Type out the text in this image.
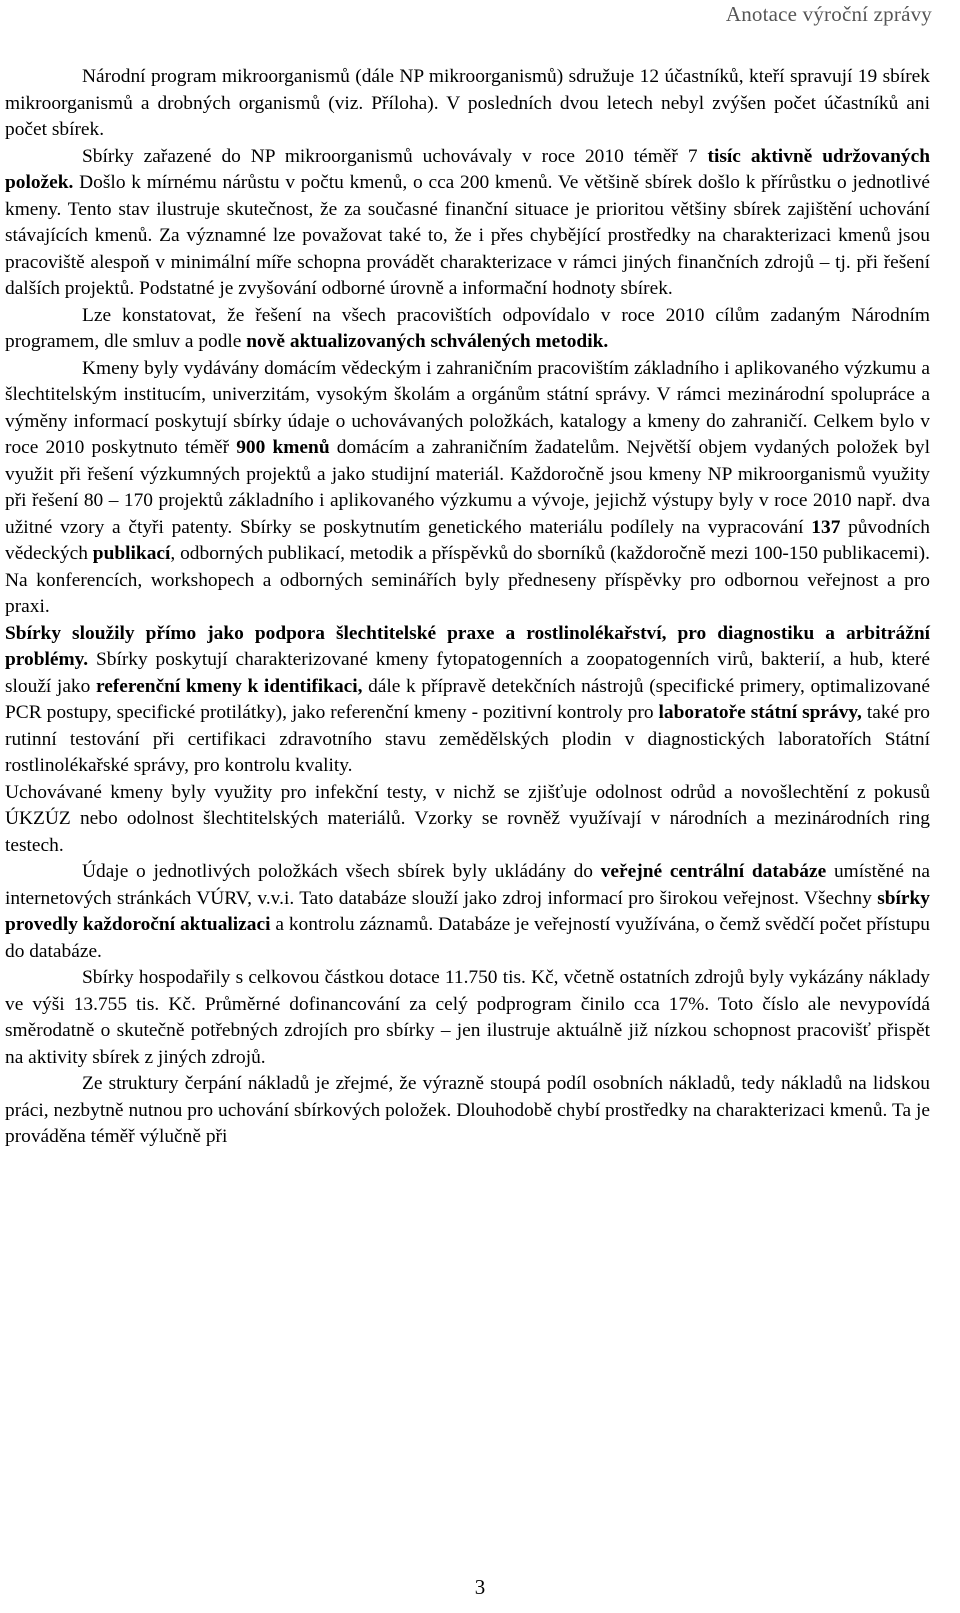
Anotace výroční zprávy

Národní program mikroorganismů (dále NP mikroorganismů) sdružuje 12 účastníků, kteří spravují 19 sbírek mikroorganismů a drobných organismů (viz. Příloha). V posledních dvou letech nebyl zvýšen počet účastníků ani počet sbírek.

Sbírky zařazené do NP mikroorganismů uchovávaly v roce 2010 téměř 7 tisíc aktivně udržovaných položek. Došlo k mírnému nárůstu v počtu kmenů, o cca 200 kmenů. Ve většině sbírek došlo k přírůstku o jednotlivé kmeny. Tento stav ilustruje skutečnost, že za současné finanční situace je prioritou většiny sbírek zajištění uchování stávajících kmenů. Za významné lze považovat také to, že i přes chybějící prostředky na charakterizaci kmenů jsou pracoviště alespoň v minimální míře schopna provádět charakterizace v rámci jiných finančních zdrojů – tj. při řešení dalších projektů. Podstatné je zvyšování odborné úrovně a informační hodnoty sbírek.

Lze konstatovat, že řešení na všech pracovištích odpovídalo v roce 2010 cílům zadaným Národním programem, dle smluv a podle nově aktualizovaných schválených metodik.

Kmeny byly vydávány domácím vědeckým i zahraničním pracovištím základního i aplikovaného výzkumu a šlechtitelským institucím, univerzitám, vysokým školám a orgánům státní správy. V rámci mezinárodní spolupráce a výměny informací poskytují sbírky údaje o uchovávaných položkách, katalogy a kmeny do zahraničí. Celkem bylo v roce 2010 poskytnuto téměř 900 kmenů domácím a zahraničním žadatelům. Největší objem vydaných položek byl využit při řešení výzkumných projektů a jako studijní materiál. Každoročně jsou kmeny NP mikroorganismů využity při řešení 80 – 170 projektů základního i aplikovaného výzkumu a vývoje, jejichž výstupy byly v roce 2010 např. dva užitné vzory a čtyři patenty. Sbírky se poskytnutím genetického materiálu podílely na vypracování 137 původních vědeckých publikací, odborných publikací, metodik a příspěvků do sborníků (každoročně mezi 100-150 publikacemi). Na konferencích, workshopech a odborných seminářích byly předneseny příspěvky pro odbornou veřejnost a pro praxi.

Sbírky sloužily přímo jako podpora šlechtitelské praxe a rostlinolékařství, pro diagnostiku a arbitrážní problémy. Sbírky poskytují charakterizované kmeny fytopatogenních a zoopatogenních virů, bakterií, a hub, které slouží jako referenční kmeny k identifikaci, dále k přípravě detekčních nástrojů (specifické primery, optimalizované PCR postupy, specifické protilátky), jako referenční kmeny - pozitivní kontroly pro laboratoře státní správy, také pro rutinní testování při certifikaci zdravotního stavu zemědělských plodin v diagnostických laboratořích Státní rostlinolékařské správy, pro kontrolu kvality.

Uchovávané kmeny byly využity pro infekční testy, v nichž se zjišťuje odolnost odrůd a novošlechtění z pokusů ÚKZÚZ nebo odolnost šlechtitelských materiálů. Vzorky se rovněž využívají v národních a mezinárodních ring testech.

Údaje o jednotlivých položkách všech sbírek byly ukládány do veřejné centrální databáze umístěné na internetových stránkách VÚRV, v.v.i. Tato databáze slouží jako zdroj informací pro širokou veřejnost. Všechny sbírky provedly každoroční aktualizaci a kontrolu záznamů. Databáze je veřejností využívána, o čemž svědčí počet přístupu do databáze.

Sbírky hospodařily s celkovou částkou dotace 11.750 tis. Kč, včetně ostatních zdrojů byly vykázány náklady ve výši 13.755 tis. Kč. Průměrné dofinancování za celý podprogram činilo cca 17%. Toto číslo ale nevypovídá směrodatně o skutečně potřebných zdrojích pro sbírky – jen ilustruje aktuálně již nízkou schopnost pracovišť přispět na aktivity sbírek z jiných zdrojů.

Ze struktury čerpání nákladů je zřejmé, že výrazně stoupá podíl osobních nákladů, tedy nákladů na lidskou práci, nezbytně nutnou pro uchování sbírkových položek. Dlouhodobě chybí prostředky na charakterizaci kmenů. Ta je prováděna téměř výlučně při

3
